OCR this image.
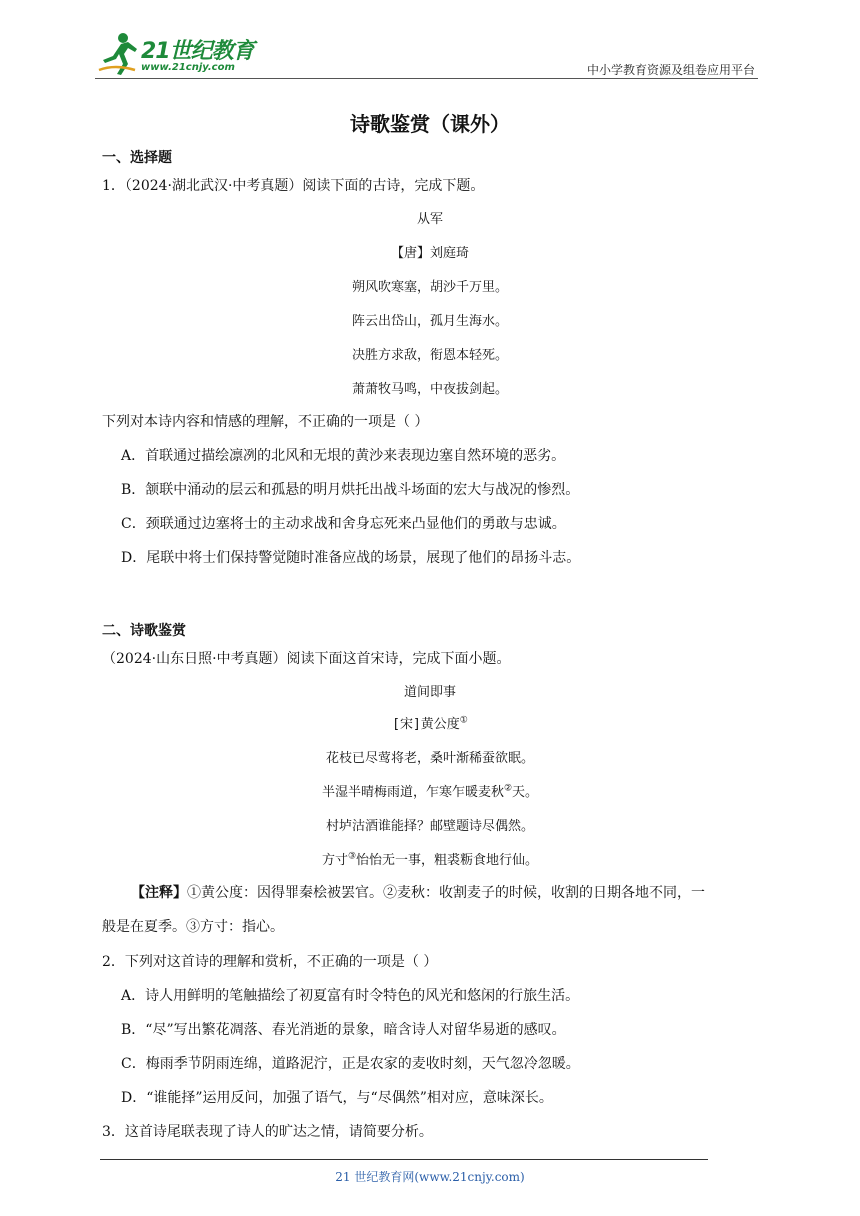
21世纪教育
www.21cnjy.com	中小学教育资源及组卷应用平台
诗歌鉴赏（课外）
一、选择题
1．（2024·湖北武汉·中考真题）阅读下面的古诗，完成下题。
从军
【唐】刘庭琦
朔风吹寒塞，胡沙千万里。
阵云出岱山，孤月生海水。
决胜方求敌，衔恩本轻死。
萧萧牧马鸣，中夜拔剑起。
下列对本诗内容和情感的理解，不正确的一项是（ ）
A．首联通过描绘凛冽的北风和无垠的黄沙来表现边塞自然环境的恶劣。
B．颔联中涌动的层云和孤悬的明月烘托出战斗场面的宏大与战况的惨烈。
C．颈联通过边塞将士的主动求战和舍身忘死来凸显他们的勇敢与忠诚。
D．尾联中将士们保持警觉随时准备应战的场景，展现了他们的昂扬斗志。
二、诗歌鉴赏
（2024·山东日照·中考真题）阅读下面这首宋诗，完成下面小题。
道间即事
[宋]黄公度①
花枝已尽莺将老，桑叶渐稀蚕欲眠。
半湿半晴梅雨道，乍寒乍暖麦秋②天。
村垆沽酒谁能择？邮壁题诗尽偶然。
方寸③怡怡无一事，粗裘粝食地行仙。
【注释】①黄公度：因得罪秦桧被罢官。②麦秋：收割麦子的时候，收割的日期各地不同，一
般是在夏季。③方寸：指心。
2．下列对这首诗的理解和赏析，不正确的一项是（ ）
A．诗人用鲜明的笔触描绘了初夏富有时令特色的风光和悠闲的行旅生活。
B．“尽”写出繁花凋落、春光消逝的景象，暗含诗人对留华易逝的感叹。
C．梅雨季节阴雨连绵，道路泥泞，正是农家的麦收时刻，天气忽冷忽暖。
D．“谁能择”运用反问，加强了语气，与“尽偶然”相对应，意味深长。
3．这首诗尾联表现了诗人的旷达之情，请简要分析。
21 世纪教育网(www.21cnjy.com)
